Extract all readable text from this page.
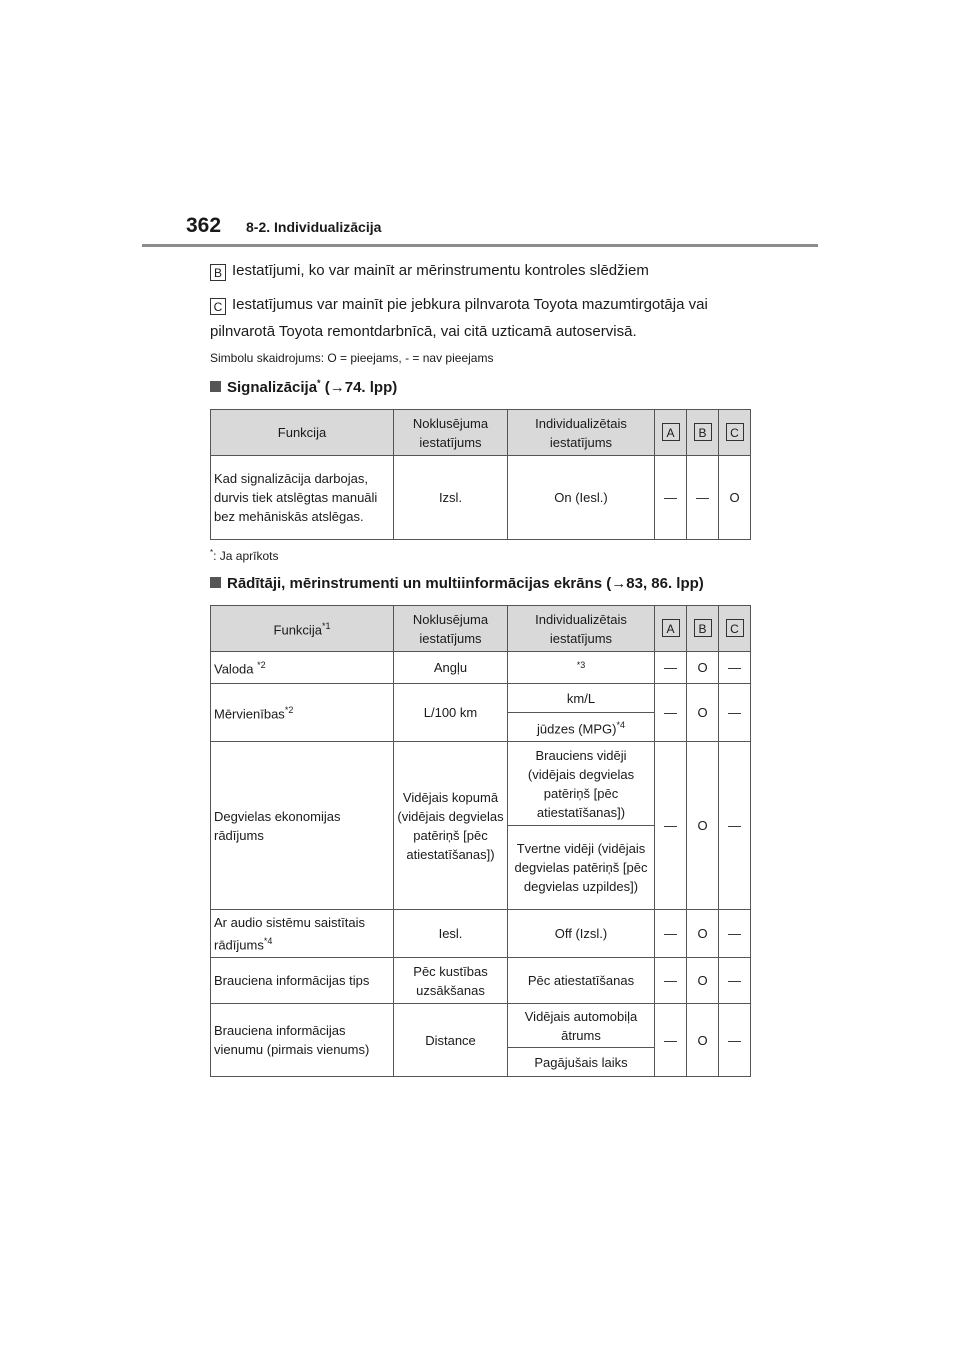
362 8-2. Individualizācija
B Iestatījumi, ko var mainīt ar mērinstrumentu kontroles slēdžiem
C Iestatījumus var mainīt pie jebkura pilnvarota Toyota mazumtirgotāja vai
pilnvarotā Toyota remontdarbnīcā, vai citā uzticamā autoservisā.
Simbolu skaidrojums: O = pieejams, - = nav pieejams
Signalizācija* (→74. lpp)
Funkcija	Noklusējuma iestatījums	Individualizētais iestatījums	A	B	C
Kad signalizācija darbojas, durvis tiek atslēgtas manuāli bez mehāniskās atslēgas.	Izsl.	On (Iesl.)	—	—	O
*: Ja aprīkots
Rādītāji, mērinstrumenti un multiinformācijas ekrāns (→83, 86. lpp)
Funkcija$^{*1}$	Noklusējuma iestatījums	Individualizētais iestatījums	A	B	C
Valoda $^{*2}$	Angļu	$^{*3}$	—	O	—
Mērvienības$^{*2}$	L/100 km	km/L	—	O	—
		jūdzes (MPG)$^{*4}$
Degvielas ekonomijas rādījums	Vidējais kopumā (vidējais degvielas patēriņš [pēc atiestatīšanas])	Brauciens vidēji (vidējais degvielas patēriņš [pēc atiestatīšanas])	—	O	—
		Tvertne vidēji (vidējais degvielas patēriņš [pēc degvielas uzpildes])			
Ar audio sistēmu saistītais
rādījums$^{*4}$	Iesl.	Off (Izsl.)	—	O	—
Brauciena informācijas tips	Pēc kustības uzsākšanas	Pēc atiestatīšanas	—	O	—
Brauciena informācijas vienumu (pirmais vienums)	Distance	Vidējais automobiļa ātrums	—	O	—
		Pagājušais laiks			
